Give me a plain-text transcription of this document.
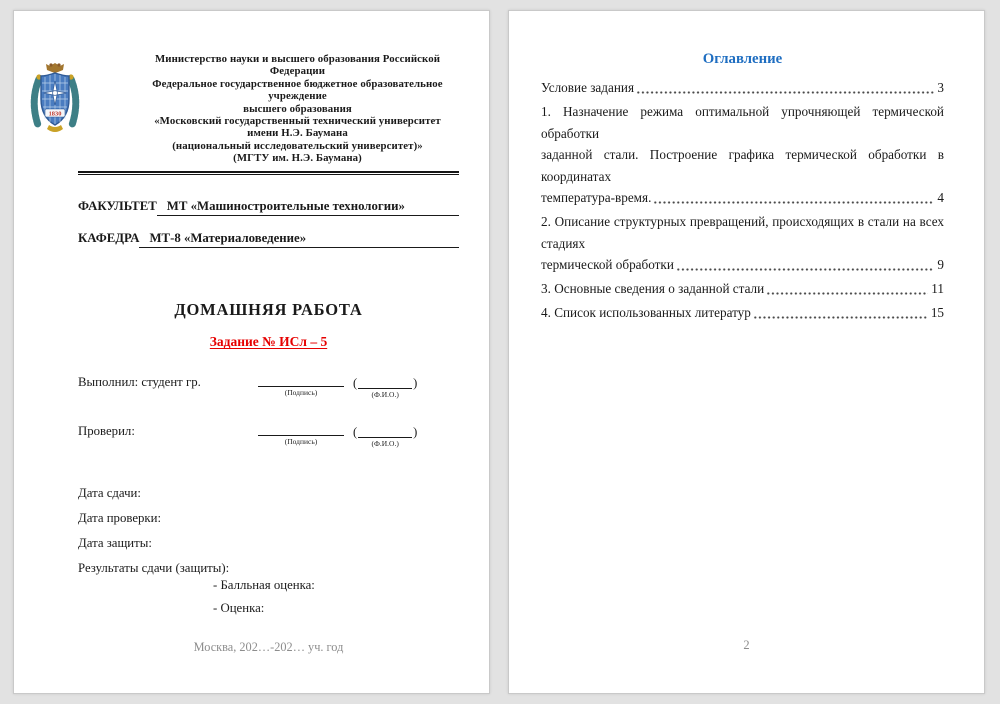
1830
Министерство науки и высшего образования Российской Федерации
Федеральное государственное бюджетное образовательное учреждение
высшего образования
«Московский государственный технический университет
имени Н.Э. Баумана
(национальный исследовательский университет)»
(МГТУ им. Н.Э. Баумана)
ФАКУЛЬТЕТ МТ «Машиностроительные технологии»
КАФЕДРА МТ-8 «Материаловедение»
ДОМАШНЯЯ РАБОТА
Задание № ИСл – 5
Выполнил: студент гр.
(Подпись)
(	)
(Ф.И.О.)
Проверил:
(Подпись)
(	)
(Ф.И.О.)
Дата сдачи:
Дата проверки:
Дата защиты:
Результаты сдачи (защиты):
- Балльная оценка:
- Оценка:
Москва, 202…-202… уч. год
Оглавление
Условие задания	3
1. Назначение режима оптимальной упрочняющей термической обработки
заданной стали. Построение графика термической обработки в координатах
температура-время.	4
2. Описание структурных превращений, происходящих в стали на всех стадиях
термической обработки	9
3. Основные сведения о заданной стали	11
4. Список использованных литератур	15
2
